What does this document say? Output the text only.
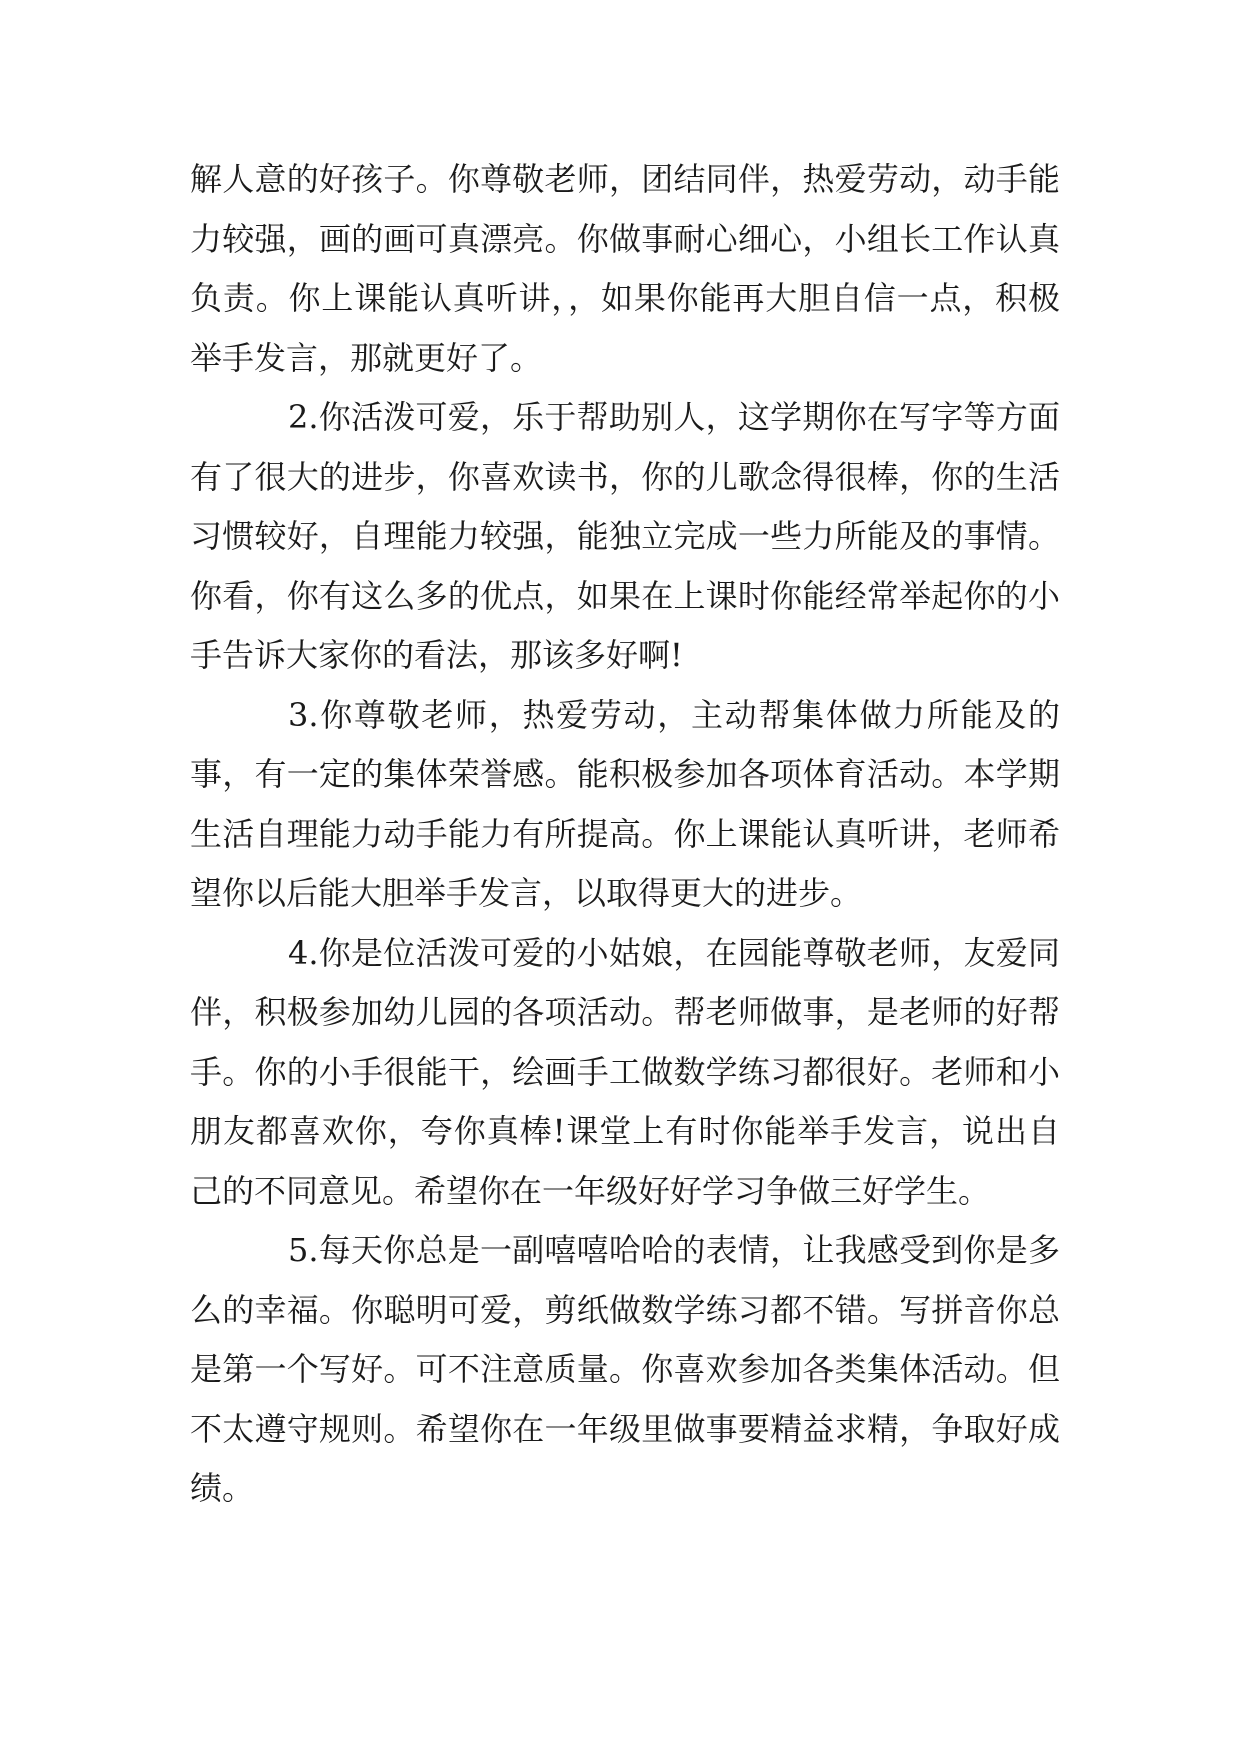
解人意的好孩子。你尊敬老师，团结同伴，热爱劳动，动手能力较强，画的画可真漂亮。你做事耐心细心，小组长工作认真负责。你上课能认真听讲，，如果你能再大胆自信一点，积极举手发言，那就更好了。

2.你活泼可爱，乐于帮助别人，这学期你在写字等方面有了很大的进步，你喜欢读书，你的儿歌念得很棒，你的生活习惯较好，自理能力较强，能独立完成一些力所能及的事情。你看，你有这么多的优点，如果在上课时你能经常举起你的小手告诉大家你的看法，那该多好啊!

3.你尊敬老师，热爱劳动，主动帮集体做力所能及的事，有一定的集体荣誉感。能积极参加各项体育活动。本学期生活自理能力动手能力有所提高。你上课能认真听讲，老师希望你以后能大胆举手发言，以取得更大的进步。

4.你是位活泼可爱的小姑娘，在园能尊敬老师，友爱同伴，积极参加幼儿园的各项活动。帮老师做事，是老师的好帮手。你的小手很能干，绘画手工做数学练习都很好。老师和小朋友都喜欢你，夸你真棒!课堂上有时你能举手发言，说出自己的不同意见。希望你在一年级好好学习争做三好学生。

5.每天你总是一副嘻嘻哈哈的表情，让我感受到你是多么的幸福。你聪明可爱，剪纸做数学练习都不错。写拼音你总是第一个写好。可不注意质量。你喜欢参加各类集体活动。但不太遵守规则。希望你在一年级里做事要精益求精，争取好成绩。
